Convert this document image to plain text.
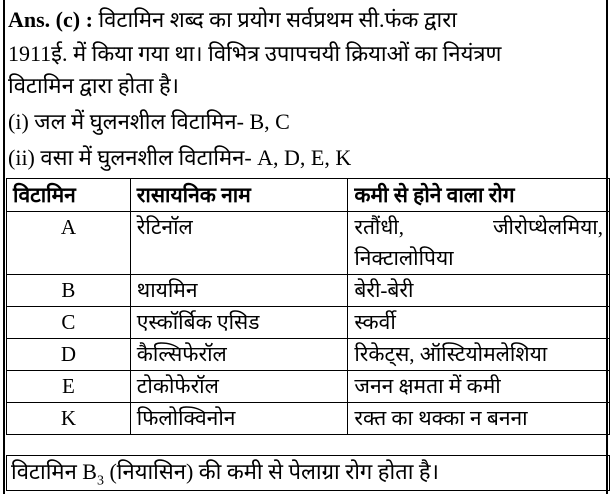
Ans. (c) : विटामिन शब्द का प्रयोग सर्वप्रथम सी.फंक द्वारा
1911ई. में किया गया था। विभित्र उपापचयी क्रियाओं का नियंत्रण
विटामिन द्वारा होता है।
(i) जल में घुलनशील विटामिन- B, C
(ii) वसा में घुलनशील विटामिन- A, D, E, K
विटामिन	रासायनिक नाम	कमी से होने वाला रोग
A	रेटिनॉल	रतौंधी, जीरोप्थेलमिया,
निक्टालोपिया

B	थायमिन	बेरी-बेरी
C	एस्कॉर्बिक एसिड	स्कर्वी
D	कैल्सिफेरॉल	रिकेट्स, ऑस्टियोमलेशिया
E	टोकोफेरॉल	जनन क्षमता में कमी
K	फिलोक्विनोन	रक्त का थक्का न बनना
विटामिन $B_3$ (नियासिन) की कमी से पेलाग्रा रोग होता है।
